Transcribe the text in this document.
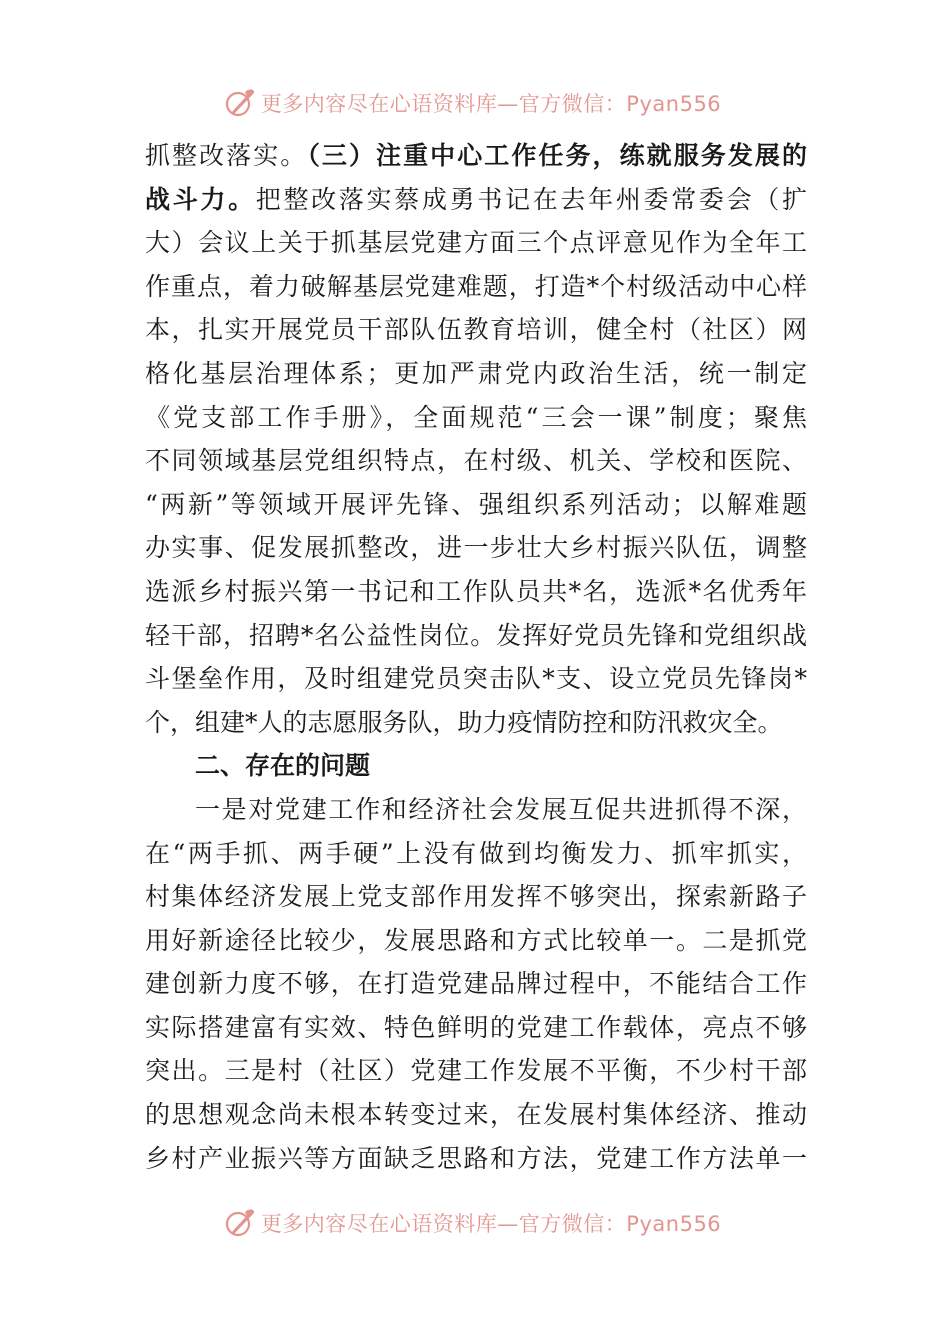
更多内容尽在心语资料库—官方微信：Pyan556
抓整改落实。（三）注重中心工作任务，练就服务发展的
战斗力。把整改落实蔡成勇书记在去年州委常委会（扩
大）会议上关于抓基层党建方面三个点评意见作为全年工
作重点，着力破解基层党建难题，打造*个村级活动中心样
本，扎实开展党员干部队伍教育培训，健全村（社区）网
格化基层治理体系；更加严肃党内政治生活，统一制定
《党支部工作手册》，全面规范“三会一课”制度；聚焦
不同领域基层党组织特点，在村级、机关、学校和医院、
“两新”等领域开展评先锋、强组织系列活动；以解难题
办实事、促发展抓整改，进一步壮大乡村振兴队伍，调整
选派乡村振兴第一书记和工作队员共*名，选派*名优秀年
轻干部，招聘*名公益性岗位。发挥好党员先锋和党组织战
斗堡垒作用，及时组建党员突击队*支、设立党员先锋岗*
个，组建*人的志愿服务队，助力疫情防控和防汛救灾全。
二、存在的问题
一是对党建工作和经济社会发展互促共进抓得不深，
在“两手抓、两手硬”上没有做到均衡发力、抓牢抓实，
村集体经济发展上党支部作用发挥不够突出，探索新路子
用好新途径比较少，发展思路和方式比较单一。二是抓党
建创新力度不够，在打造党建品牌过程中，不能结合工作
实际搭建富有实效、特色鲜明的党建工作载体，亮点不够
突出。三是村（社区）党建工作发展不平衡，不少村干部
的思想观念尚未根本转变过来，在发展村集体经济、推动
乡村产业振兴等方面缺乏思路和方法，党建工作方法单一
更多内容尽在心语资料库—官方微信：Pyan556
